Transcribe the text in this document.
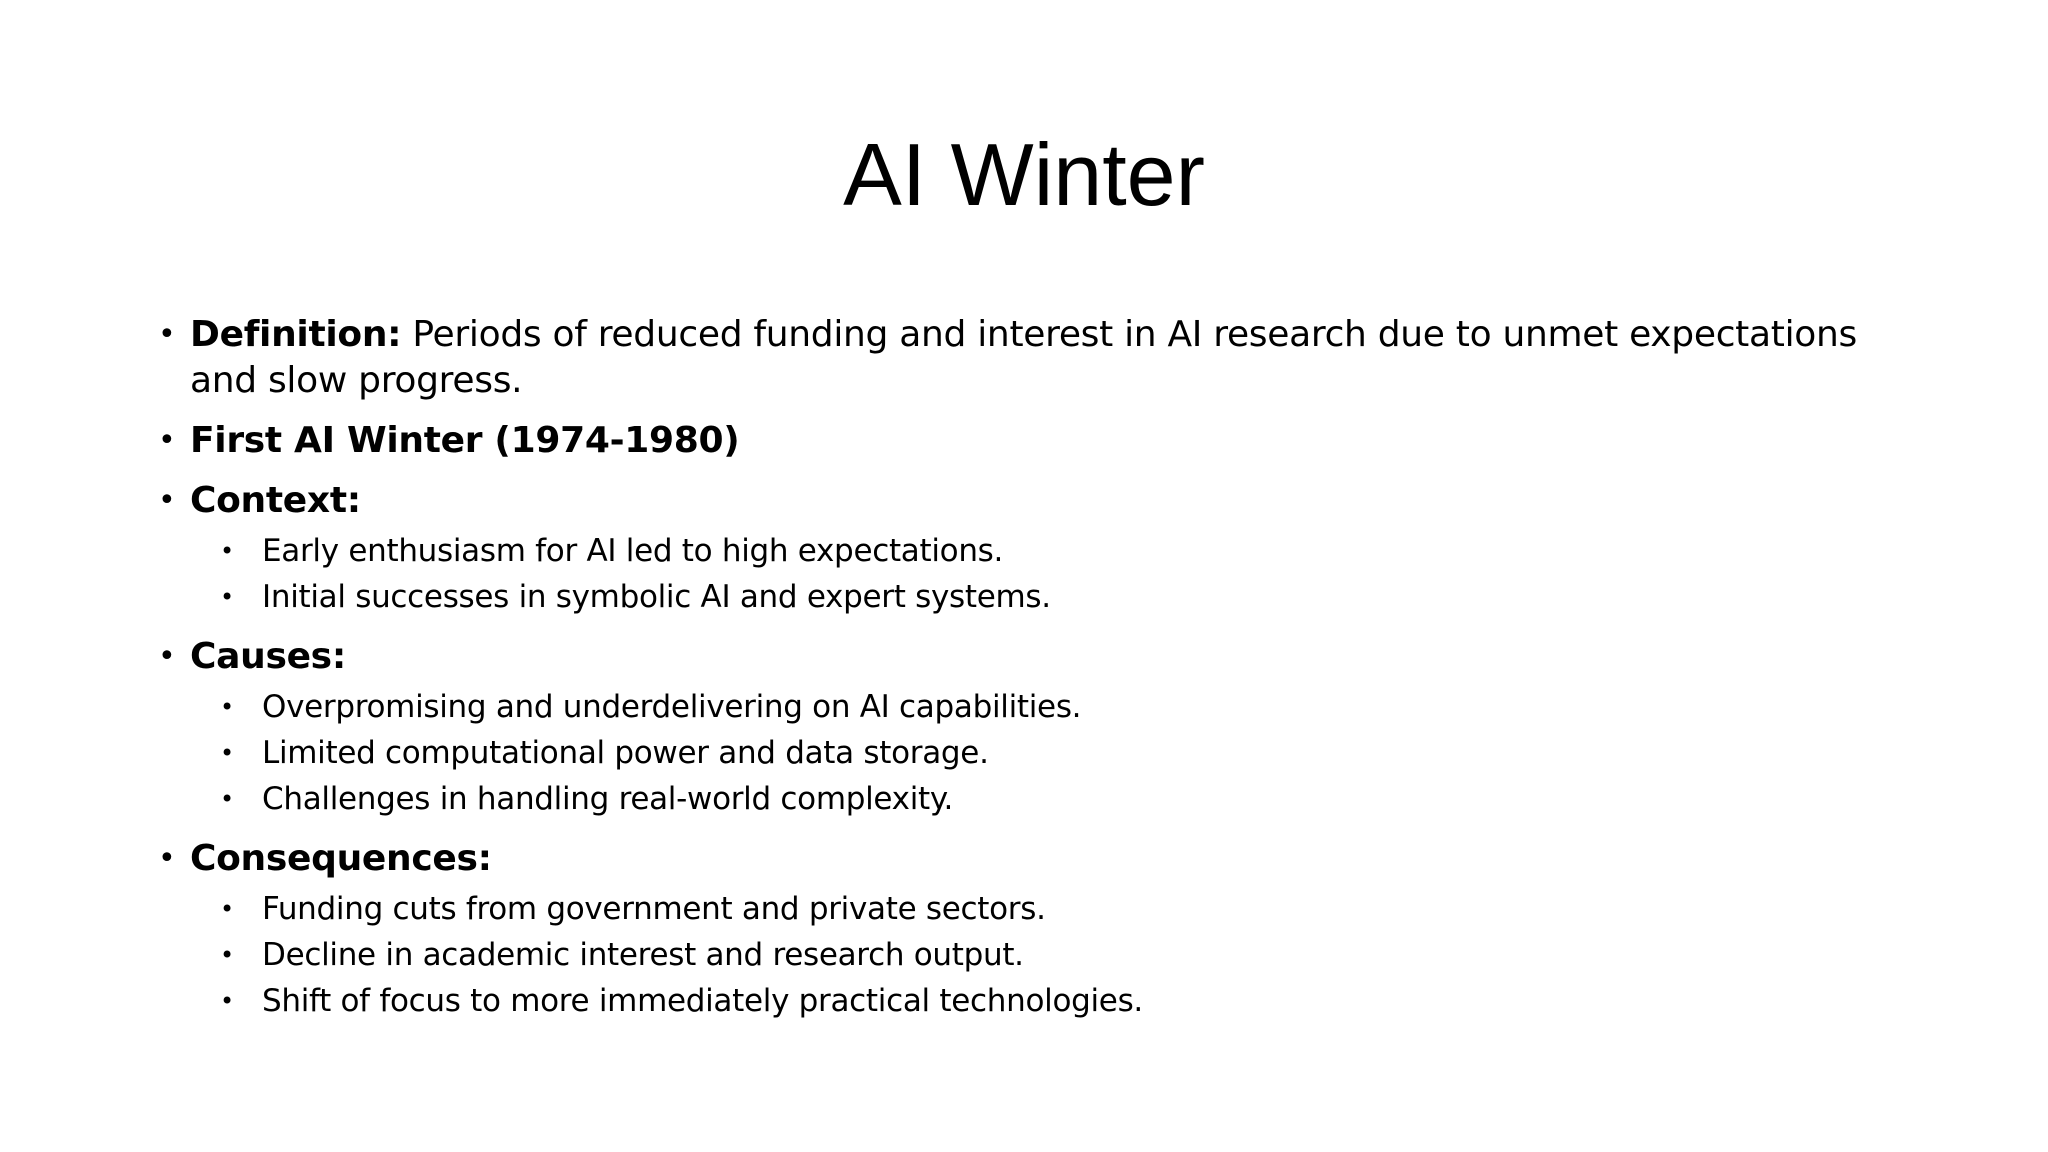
AI Winter
• Definition: Periods of reduced funding and interest in AI research due to unmet expectations and slow progress.
• First AI Winter (1974-1980)
• Context:
• Early enthusiasm for AI led to high expectations.
• Initial successes in symbolic AI and expert systems.
• Causes:
• Overpromising and underdelivering on AI capabilities.
• Limited computational power and data storage.
• Challenges in handling real-world complexity.
• Consequences:
• Funding cuts from government and private sectors.
• Decline in academic interest and research output.
• Shift of focus to more immediately practical technologies.
